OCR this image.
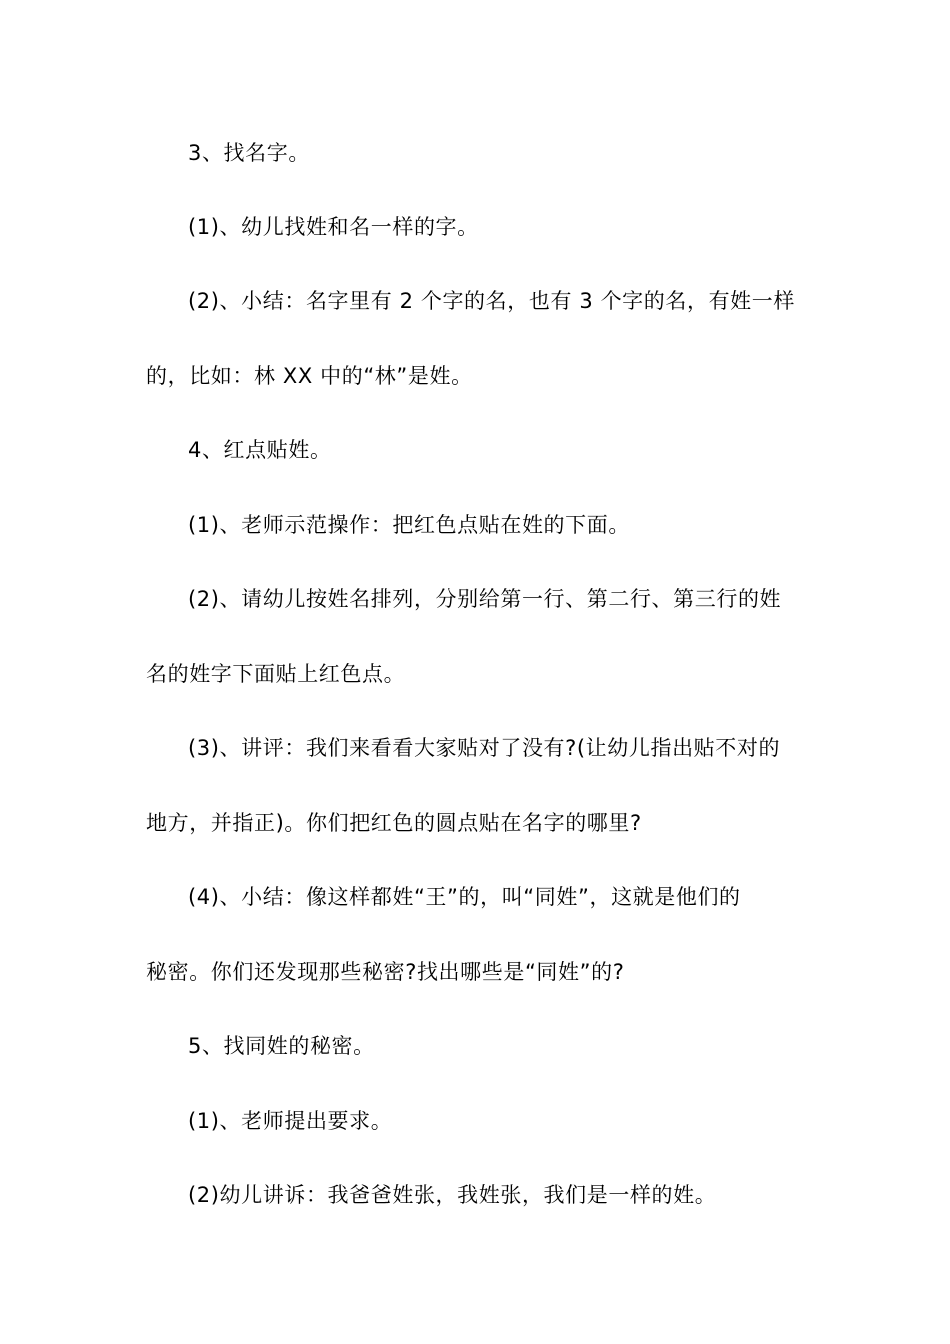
3、找名字。
(1)、幼儿找姓和名一样的字。
(2)、小结：名字里有 2 个字的名，也有 3 个字的名，有姓一样
的，比如：林 XX 中的“林”是姓。
4、红点贴姓。
(1)、老师示范操作：把红色点贴在姓的下面。
(2)、请幼儿按姓名排列，分别给第一行、第二行、第三行的姓
名的姓字下面贴上红色点。
(3)、讲评：我们来看看大家贴对了没有?(让幼儿指出贴不对的
地方，并指正)。你们把红色的圆点贴在名字的哪里?
(4)、小结：像这样都姓“王”的，叫“同姓”，这就是他们的
秘密。你们还发现那些秘密?找出哪些是“同姓”的?
5、找同姓的秘密。
(1)、老师提出要求。
(2)幼儿讲诉：我爸爸姓张，我姓张，我们是一样的姓。
